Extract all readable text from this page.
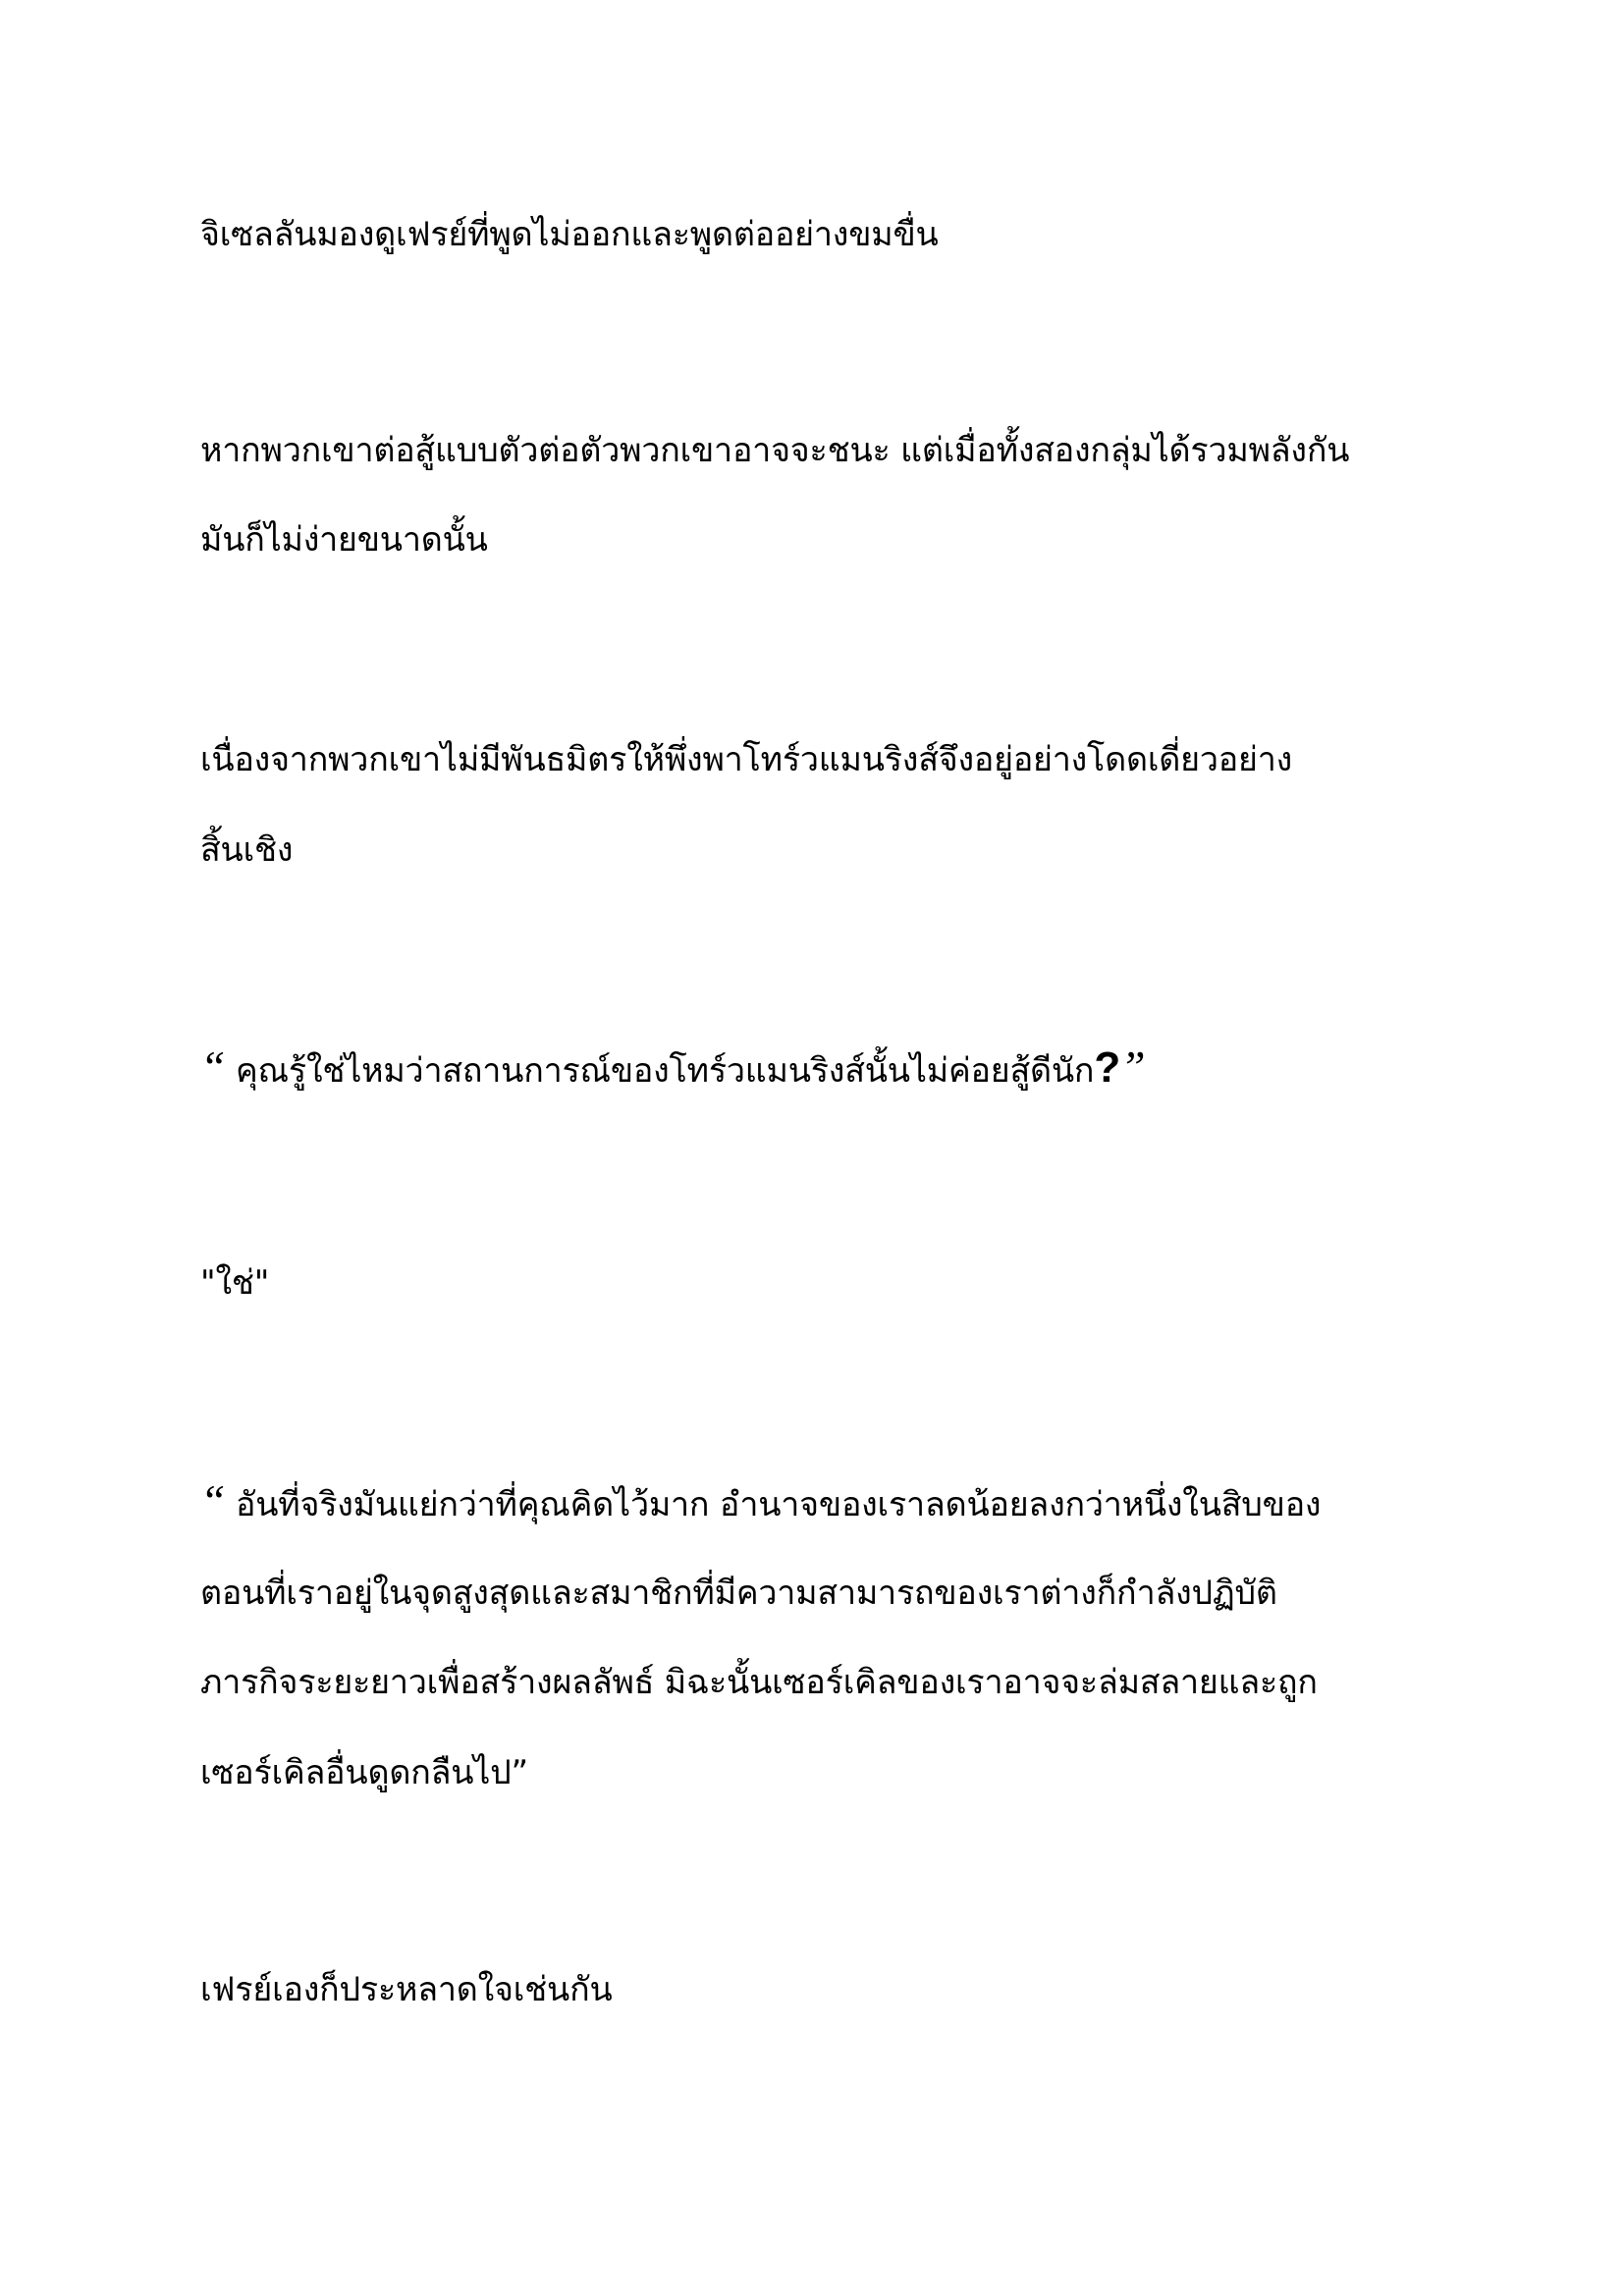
จิเซลลันมองดูเฟรย์ที่พูดไม่ออกและพูดต่ออย่างขมขื่น
หากพวกเขาต่อสู้แบบตัวต่อตัวพวกเขาอาจจะชนะ แต่เมื่อทั้งสองกลุ่มได้รวมพลังกัน
มันก็ไม่ง่ายขนาดนั้น
เนื่องจากพวกเขาไม่มีพันธมิตรให้พึ่งพาโทร์วแมนริงส์จึงอยู่อย่างโดดเดี่ยวอย่าง
สิ้นเชิง
“ คุณรู้ใช่ไหมว่าสถานการณ์ของโทร์วแมนริงส์นั้นไม่ค่อยสู้ดีนัก?”
"ใช่"
“ อันที่จริงมันแย่กว่าที่คุณคิดไว้มาก อำนาจของเราลดน้อยลงกว่าหนึ่งในสิบของ
ตอนที่เราอยู่ในจุดสูงสุดและสมาชิกที่มีความสามารถของเราต่างก็กำลังปฏิบัติ
ภารกิจระยะยาวเพื่อสร้างผลลัพธ์ มิฉะนั้นเซอร์เคิลของเราอาจจะล่มสลายและถูก
เซอร์เคิลอื่นดูดกลืนไป”
เฟรย์เองก็ประหลาดใจเช่นกัน
